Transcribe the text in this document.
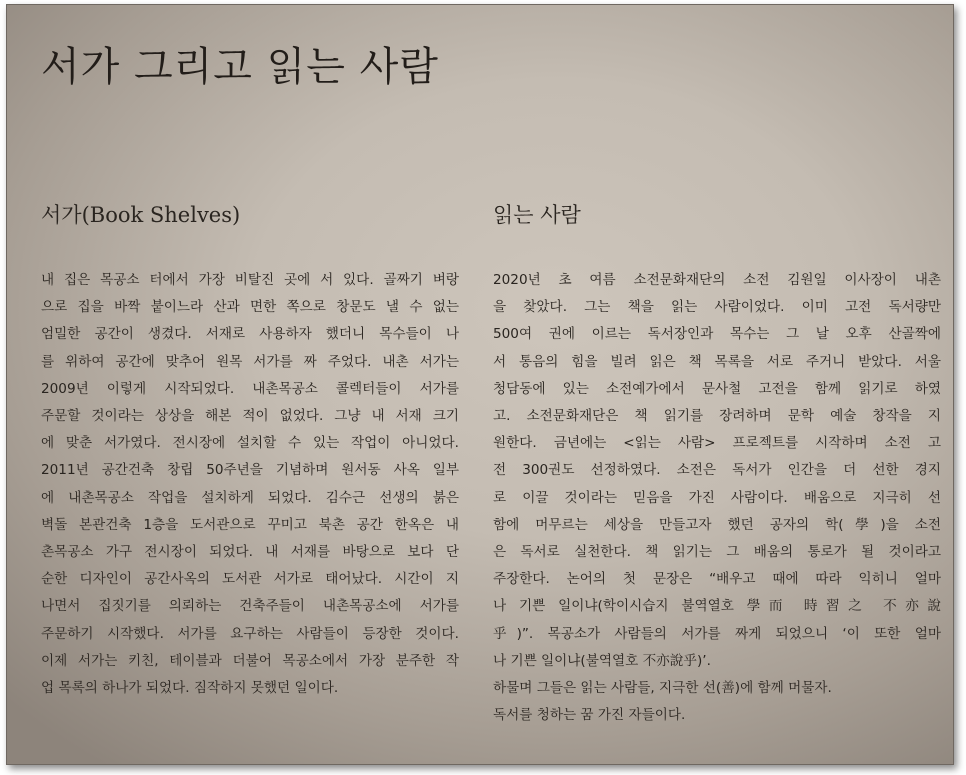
서가 그리고 읽는 사람
서가(Book Shelves)
내 집은 목공소 터에서 가장 비탈진 곳에 서 있다. 골짜기 벼랑
으로 집을 바짝 붙이느라 산과 면한 쪽으로 창문도 낼 수 없는
엄밀한 공간이 생겼다. 서재로 사용하자 했더니 목수들이 나
를 위하여 공간에 맞추어 원목 서가를 짜 주었다. 내촌 서가는
2009년 이렇게 시작되었다. 내촌목공소 콜렉터들이 서가를
주문할 것이라는 상상을 해본 적이 없었다. 그냥 내 서재 크기
에 맞춘 서가였다. 전시장에 설치할 수 있는 작업이 아니었다.
2011년 공간건축 창립 50주년을 기념하며 원서동 사옥 일부
에 내촌목공소 작업을 설치하게 되었다. 김수근 선생의 붉은
벽돌 본관건축 1층을 도서관으로 꾸미고 북촌 공간 한옥은 내
촌목공소 가구 전시장이 되었다. 내 서재를 바탕으로 보다 단
순한 디자인이 공간사옥의 도서관 서가로 태어났다. 시간이 지
나면서 집짓기를 의뢰하는 건축주들이 내촌목공소에 서가를
주문하기 시작했다. 서가를 요구하는 사람들이 등장한 것이다.
이제 서가는 키친, 테이블과 더불어 목공소에서 가장 분주한 작
업 목록의 하나가 되었다. 짐작하지 못했던 일이다.
읽는 사람
2020년 초 여름 소전문화재단의 소전 김원일 이사장이 내촌
을 찾았다. 그는 책을 읽는 사람이었다. 이미 고전 독서량만
500여 권에 이르는 독서장인과 목수는 그 날 오후 산골짝에
서 통음의 힘을 빌려 읽은 책 목록을 서로 주거니 받았다. 서울
청담동에 있는 소전예가에서 문사철 고전을 함께 읽기로 하였
고. 소전문화재단은 책 읽기를 장려하며 문학 예술 창작을 지
원한다. 금년에는 <읽는 사람> 프로젝트를 시작하며 소전 고
전 300권도 선정하였다. 소전은 독서가 인간을 더 선한 경지
로 이끌 것이라는 믿음을 가진 사람이다. 배움으로 지극히 선
함에 머무르는 세상을 만들고자 했던 공자의 학(學)을 소전
은 독서로 실천한다. 책 읽기는 그 배움의 통로가 될 것이라고
주장한다. 논어의 첫 문장은 “배우고 때에 따라 익히니 얼마
나 기쁜 일이냐(학이시습지 불역열호 學而 時習之 不亦說
乎)”. 목공소가 사람들의 서가를 짜게 되었으니 ‘이 또한 얼마
나 기쁜 일이냐(불역열호 不亦說乎)’.
하물며 그들은 읽는 사람들, 지극한 선(善)에 함께 머물자.
독서를 청하는 꿈 가진 자들이다.
